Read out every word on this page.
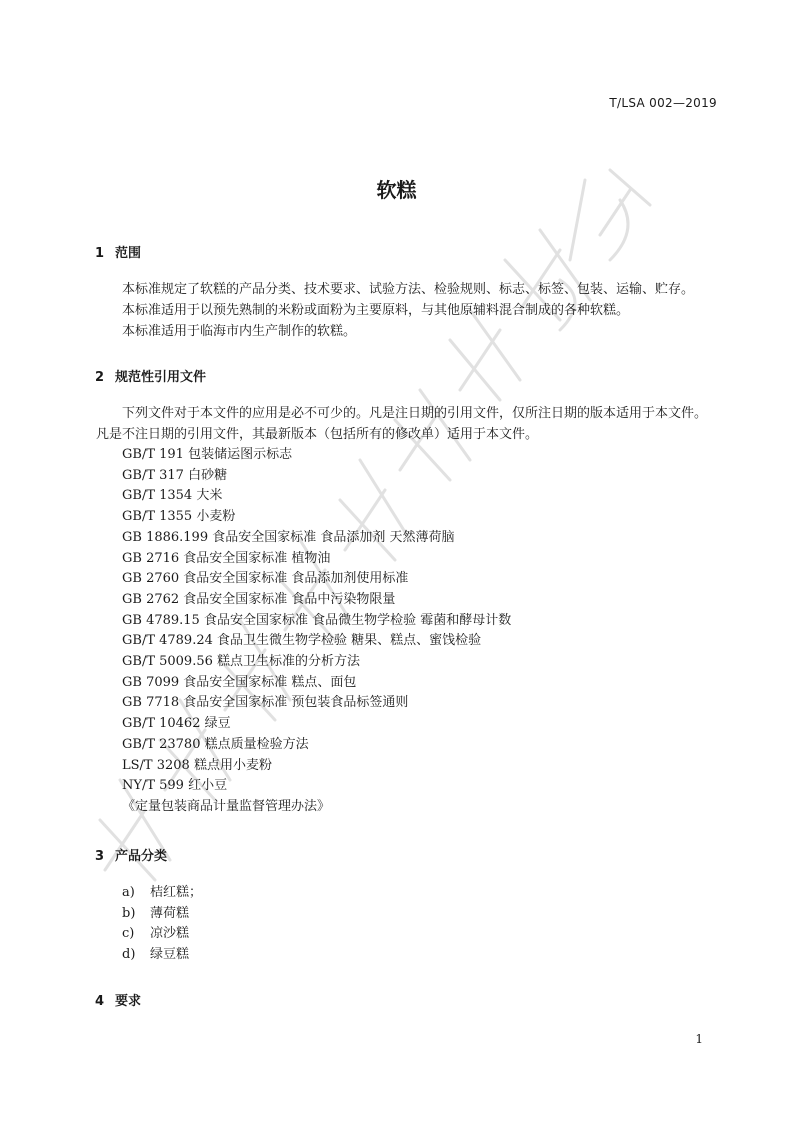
T/LSA 002—2019
软糕
1 范围

本标准规定了软糕的产品分类、技术要求、试验方法、检验规则、标志、标签、包装、运输、贮存。

本标准适用于以预先熟制的米粉或面粉为主要原料，与其他原辅料混合制成的各种软糕。

本标准适用于临海市内生产制作的软糕。

2 规范性引用文件

下列文件对于本文件的应用是必不可少的。凡是注日期的引用文件，仅所注日期的版本适用于本文件。凡是不注日期的引用文件，其最新版本（包括所有的修改单）适用于本文件。

GB/T 191 包装储运图示标志
GB/T 317 白砂糖
GB/T 1354 大米
GB/T 1355 小麦粉
GB 1886.199 食品安全国家标准 食品添加剂 天然薄荷脑
GB 2716 食品安全国家标准 植物油
GB 2760 食品安全国家标准 食品添加剂使用标准
GB 2762 食品安全国家标准 食品中污染物限量
GB 4789.15 食品安全国家标准 食品微生物学检验 霉菌和酵母计数
GB/T 4789.24 食品卫生微生物学检验 糖果、糕点、蜜饯检验
GB/T 5009.56 糕点卫生标准的分析方法
GB 7099 食品安全国家标准 糕点、面包
GB 7718 食品安全国家标准 预包装食品标签通则
GB/T 10462 绿豆
GB/T 23780 糕点质量检验方法
LS/T 3208 糕点用小麦粉
NY/T 599 红小豆
《定量包装商品计量监督管理办法》
3 产品分类
a) 桔红糕；
b) 薄荷糕
c) 凉沙糕
d) 绿豆糕
4 要求
1
